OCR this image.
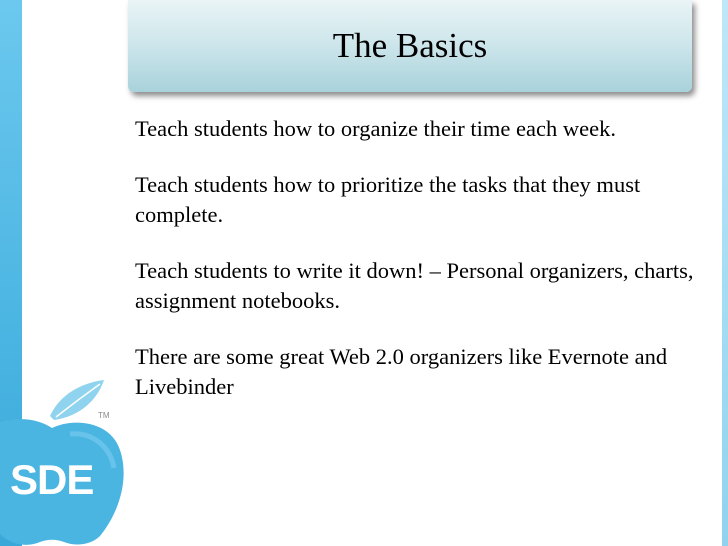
The Basics

Teach students how to organize their time each week.

Teach students how to prioritize the tasks that they must complete.

Teach students to write it down! – Personal organizers, charts, assignment notebooks.

There are some great Web 2.0 organizers like Evernote and Livebinder

TM
SDE
